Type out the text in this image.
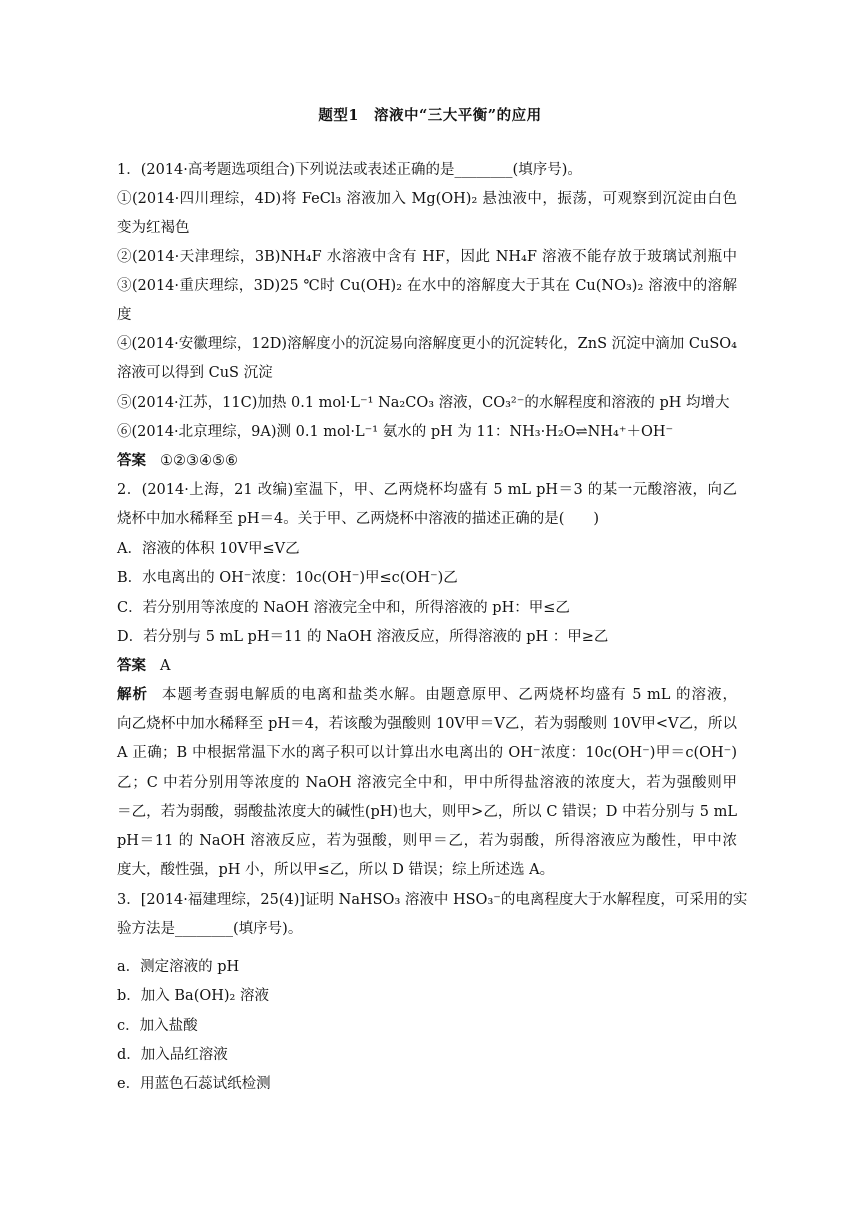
题型1　溶液中“三大平衡”的应用
1．(2014·高考题选项组合)下列说法或表述正确的是________(填序号)。
①(2014·四川理综，4D)将 FeCl₃ 溶液加入 Mg(OH)₂ 悬浊液中，振荡，可观察到沉淀由白色
变为红褐色
②(2014·天津理综，3B)NH₄F 水溶液中含有 HF，因此 NH₄F 溶液不能存放于玻璃试剂瓶中
③(2014·重庆理综，3D)25 ℃时 Cu(OH)₂ 在水中的溶解度大于其在 Cu(NO₃)₂ 溶液中的溶解
度
④(2014·安徽理综，12D)溶解度小的沉淀易向溶解度更小的沉淀转化，ZnS 沉淀中滴加 CuSO₄
溶液可以得到 CuS 沉淀
⑤(2014·江苏，11C)加热 0.1 mol·L⁻¹ Na₂CO₃ 溶液，CO₃²⁻的水解程度和溶液的 pH 均增大
⑥(2014·北京理综，9A)测 0.1 mol·L⁻¹ 氨水的 pH 为 11：NH₃·H₂O⇌NH₄⁺＋OH⁻
答案 ①②③④⑤⑥
2．(2014·上海，21 改编)室温下，甲、乙两烧杯均盛有 5 mL pH＝3 的某一元酸溶液，向乙
烧杯中加水稀释至 pH＝4。关于甲、乙两烧杯中溶液的描述正确的是(　　)
A．溶液的体积 10V甲≤V乙
B．水电离出的 OH⁻浓度：10c(OH⁻)甲≤c(OH⁻)乙
C．若分别用等浓度的 NaOH 溶液完全中和，所得溶液的 pH：甲≤乙
D．若分别与 5 mL pH＝11 的 NaOH 溶液反应，所得溶液的 pH ：甲≥乙
答案 A
解析 本题考查弱电解质的电离和盐类水解。由题意原甲、乙两烧杯均盛有 5 mL 的溶液，
向乙烧杯中加水稀释至 pH＝4，若该酸为强酸则 10V甲＝V乙，若为弱酸则 10V甲<V乙，所以
A 正确；B 中根据常温下水的离子积可以计算出水电离出的 OH⁻浓度：10c(OH⁻)甲＝c(OH⁻)
乙；C 中若分别用等浓度的 NaOH 溶液完全中和，甲中所得盐溶液的浓度大，若为强酸则甲
＝乙，若为弱酸，弱酸盐浓度大的碱性(pH)也大，则甲>乙，所以 C 错误；D 中若分别与 5 mL
pH＝11 的 NaOH 溶液反应，若为强酸，则甲＝乙，若为弱酸，所得溶液应为酸性，甲中浓
度大，酸性强，pH 小，所以甲≤乙，所以 D 错误；综上所述选 A。
3．[2014·福建理综，25(4)]证明 NaHSO₃ 溶液中 HSO₃⁻的电离程度大于水解程度，可采用的实
验方法是________(填序号)。
a．测定溶液的 pH
b．加入 Ba(OH)₂ 溶液
c．加入盐酸
d．加入品红溶液
e．用蓝色石蕊试纸检测
